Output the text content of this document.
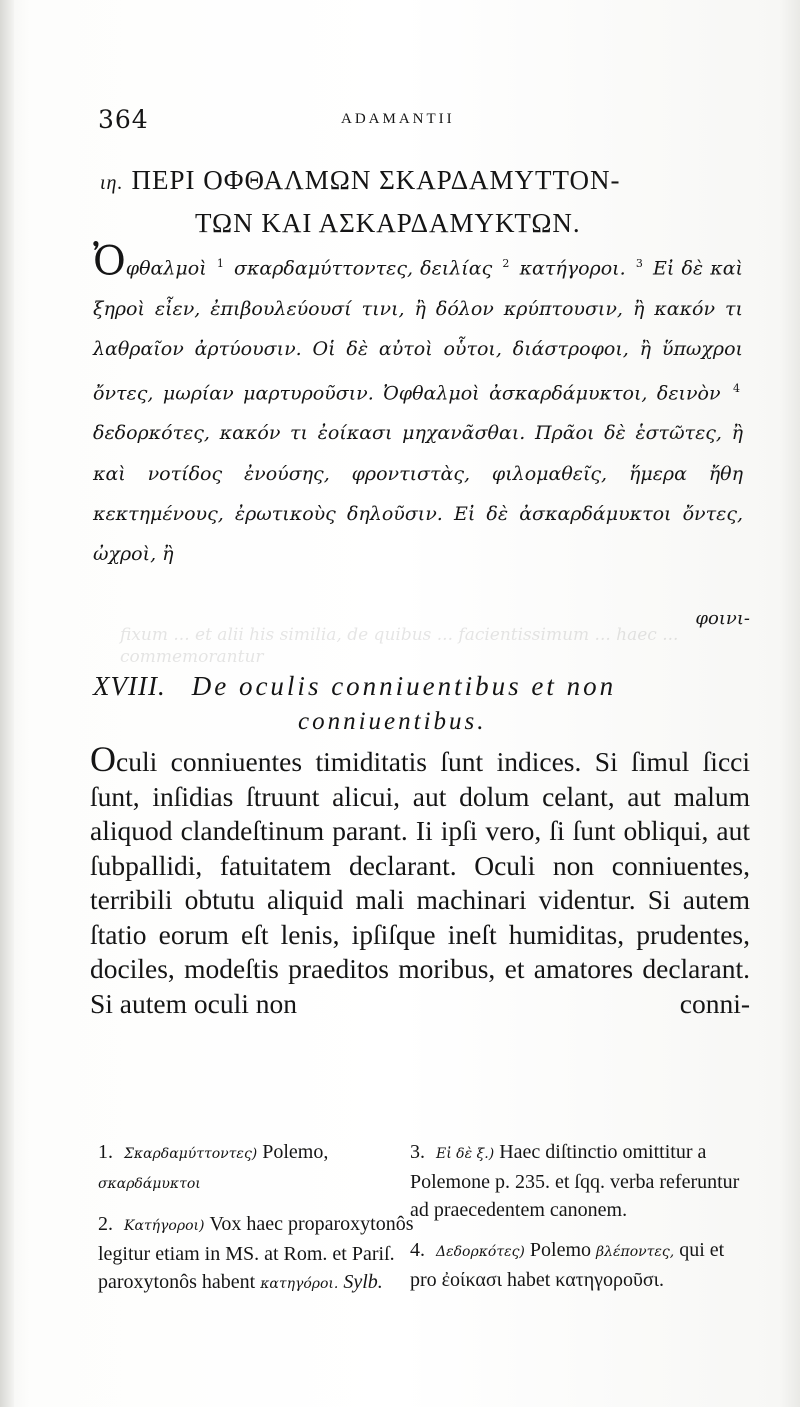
364	ADAMANTII
ιη. ΠΕΡΙ ΟΦΘΑΛΜΩΝ ΣΚΑΡΔΑΜΥΤΤΟΝ-
ΤΩΝ ΚΑΙ ΑΣΚΑΡΔΑΜΥΚΤΩΝ.
Ὀφθαλμοὶ $^1$ σκαρδαμύττοντες, δειλίας $^2$ κατήγοροι. $^3$ Εἰ δὲ καὶ ξηροὶ εἶεν, ἐπιβουλεύουσί τινι, ἢ δόλον κρύπτουσιν, ἢ κακόν τι λαθραῖον ἀρτύουσιν. Οἱ δὲ αὐτοὶ οὗτοι, διάστροφοι, ἢ ὕπωχροι ὄντες, μωρίαν μαρτυροῦσιν. Ὀφθαλμοὶ ἀσκαρδάμυκτοι, δεινὸν $^4$ δεδορκότες, κακόν τι ἐοίκασι μηχανᾶσθαι. Πρᾶοι δὲ ἑστῶτες, ἢ καὶ νοτίδος ἐνούσης, φροντιστὰς, φιλομαθεῖς, ἥμερα ἤθη κεκτημένους, ἐρωτικοὺς δηλοῦσιν. Εἰ δὲ ἀσκαρδάμυκτοι ὄντες, ὠχροὶ, ἢ
φοινι-
fixum ... et alii his similia, de quibus ... facientissimum ... haec ... commemorantur
XVIII. De oculis conniuentibus et non
conniuentibus.
Oculi conniuentes timiditatis ſunt indices. Si ſimul ſicci ſunt, inſidias ſtruunt alicui, aut dolum celant, aut malum aliquod clandeſtinum parant. Ii ipſi vero, ſi ſunt obliqui, aut ſubpallidi, fatuitatem declarant. Oculi non conniuentes, terribili obtutu aliquid mali machinari videntur. Si autem ſtatio eorum eſt lenis, ipſiſque ineſt humiditas, prudentes, dociles, modeſtis praeditos moribus, et amatores declarant. Si autem oculi non	conni-
1. Σκαρδαμύττοντες) Polemo, σκαρδάμυκτοι
2. Κατήγοροι) Vox haec proparoxytonôs legitur etiam in MS. at Rom. et Pariſ. paroxytonôs habent κατηγόροι. Sylb.
3. Εἰ δὲ ξ.) Haec diſtinctio omittitur a Polemone p. 235. et ſqq. verba referuntur ad praecedentem canonem.
4. Δεδορκότες) Polemo βλέποντες, qui et pro ἐοίκασι habet κατηγοροῦσι.
